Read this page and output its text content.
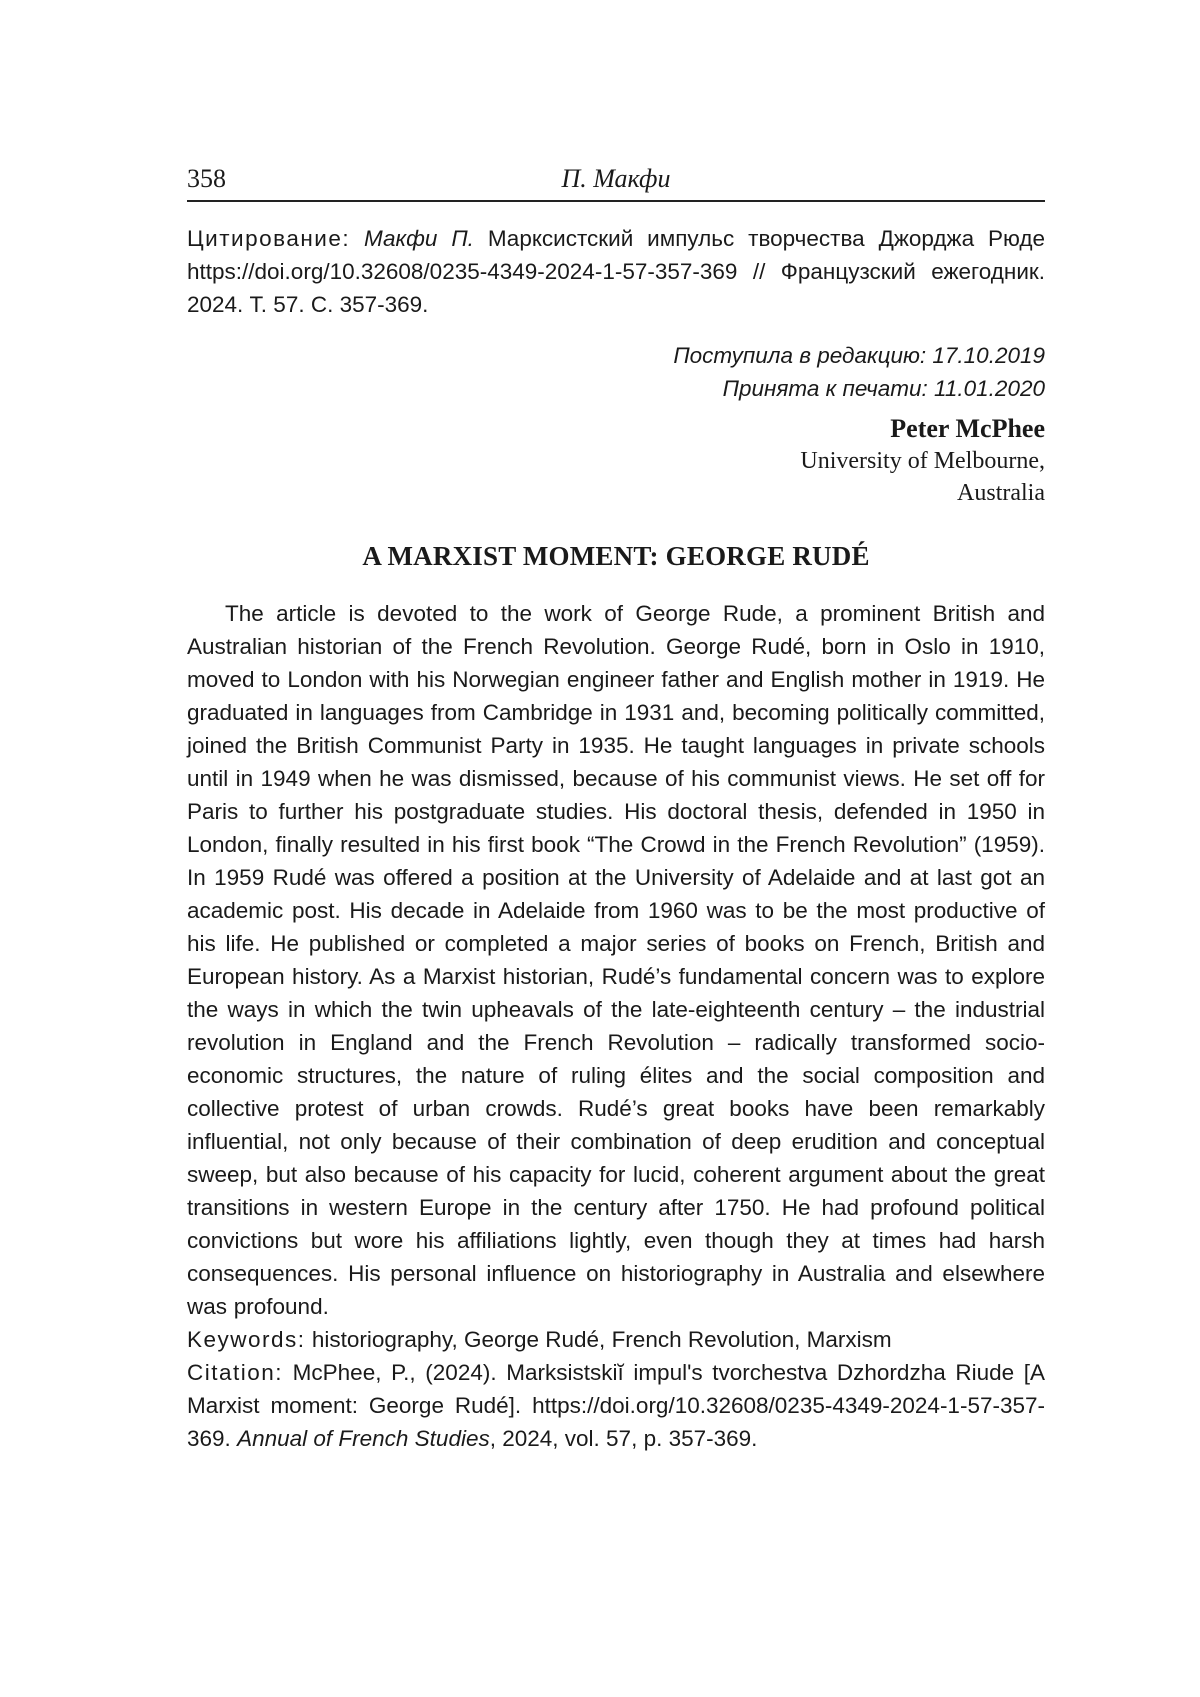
358	П. Макфи

Цитирование: Макфи П. Марксистский импульс творчества Джорджа Рюде https://doi.org/10.32608/0235-4349-2024-1-57-357-369 // Французский ежегодник. 2024. Т. 57. С. 357-369.

Поступила в редакцию: 17.10.2019
Принята к печати: 11.01.2020
Peter McPhee
University of Melbourne,
Australia
A MARXIST MOMENT: GEORGE RUDÉ

The article is devoted to the work of George Rude, a prominent British and Australian historian of the French Revolution. George Rudé, born in Oslo in 1910, moved to London with his Norwegian engineer father and English mother in 1919. He graduated in languages from Cambridge in 1931 and, becoming politically committed, joined the British Communist Party in 1935. He taught languages in private schools until in 1949 when he was dismissed, because of his communist views. He set off for Paris to further his postgraduate studies. His doctoral thesis, defended in 1950 in London, finally resulted in his first book “The Crowd in the French Revolution” (1959). In 1959 Rudé was offered a position at the University of Adelaide and at last got an academic post. His decade in Adelaide from 1960 was to be the most productive of his life. He published or completed a major series of books on French, British and European history. As a Marxist historian, Rudé’s fundamental concern was to explore the ways in which the twin upheavals of the late-eighteenth century – the industrial revolution in England and the French Revolution – radically transformed socio-economic structures, the nature of ruling élites and the social composition and collective protest of urban crowds. Rudé’s great books have been remarkably influential, not only because of their combination of deep erudition and conceptual sweep, but also because of his capacity for lucid, coherent argument about the great transitions in western Europe in the century after 1750. He had profound political convictions but wore his affiliations lightly, even though they at times had harsh consequences. His personal influence on historiography in Australia and elsewhere was profound.

Keywords: historiography, George Rudé, French Revolution, Marxism

Citation: McPhee, P., (2024). Marksistskiĭ impul's tvorchestva Dzhordzha Riude [A Marxist moment: George Rudé]. https://doi.org/10.32608/0235-4349-2024-1-57-357-369. Annual of French Studies, 2024, vol. 57, p. 357-369.
